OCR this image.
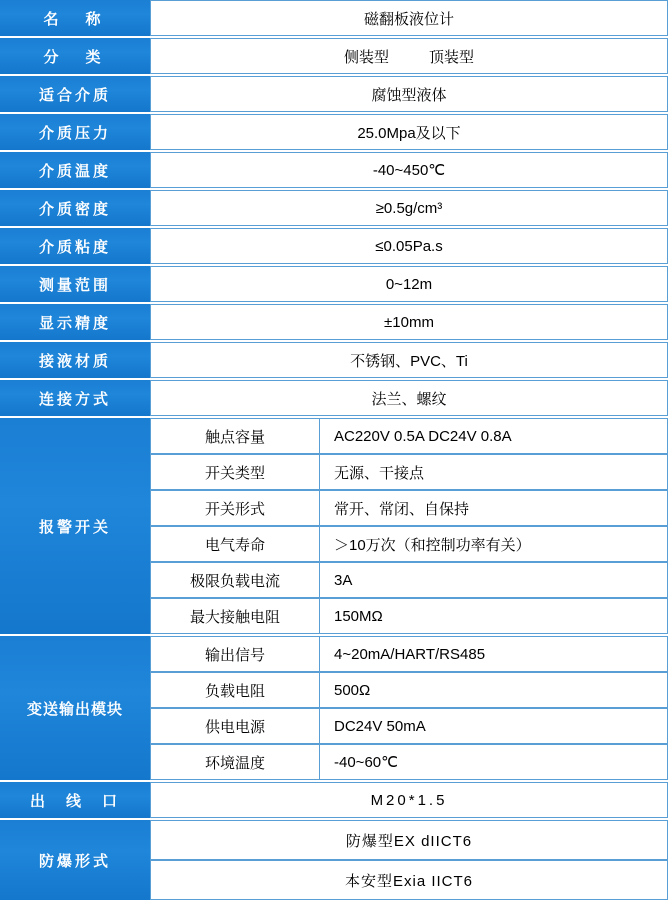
名　称	磁翻板液位计
分　类	侧装型	顶装型
适合介质	腐蚀型液体
介质压力	25.0Mpa及以下
介质温度	-40~450℃
介质密度	≥0.5g/cm³
介质粘度	≤0.05Pa.s
测量范围	0~12m
显示精度	±10mm
接液材质	不锈钢、PVC、Ti
连接方式	法兰、螺纹
报警开关
触点容量	AC220V 0.5A DC24V 0.8A
开关类型	无源、干接点
开关形式	常开、常闭、自保持
电气寿命	＞10万次（和控制功率有关）
极限负载电流	3A
最大接触电阻	150MΩ
变送输出模块
输出信号	4~20mA/HART/RS485
负载电阻	500Ω
供电电源	DC24V 50mA
环境温度	-40~60℃
出　线　口	M20*1.5
防爆形式
防爆型EX dIICT6
本安型Exia IICT6
